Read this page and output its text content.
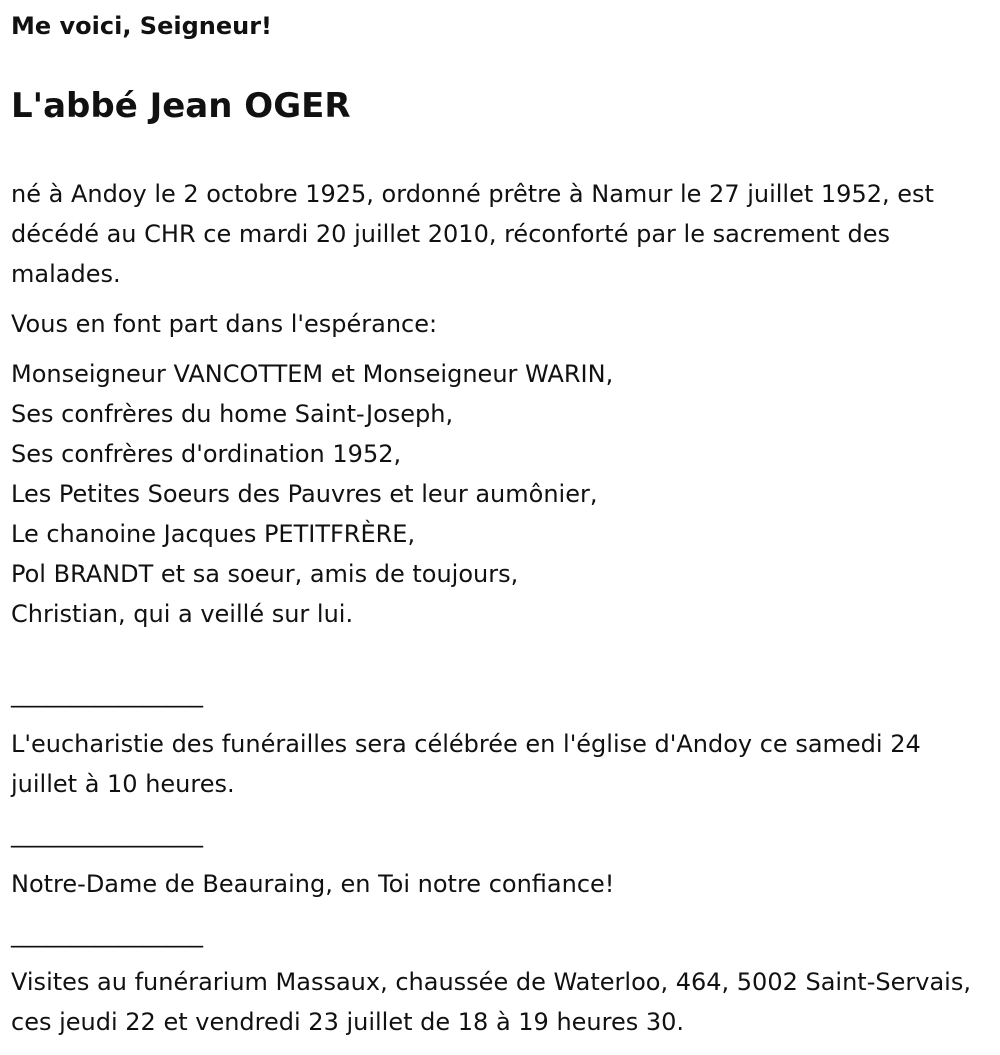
Me voici, Seigneur!
L'abbé Jean OGER

né à Andoy le 2 octobre 1925, ordonné prêtre à Namur le 27 juillet 1952, est décédé au CHR ce mardi 20 juillet 2010, réconforté par le sacrement des malades.

Vous en font part dans l'espérance:

Monseigneur VANCOTTEM et Monseigneur WARIN,
Ses confrères du home Saint-Joseph,
Ses confrères d'ordination 1952,
Les Petites Soeurs des Pauvres et leur aumônier,
Le chanoine Jacques PETITFRÈRE,
Pol BRANDT et sa soeur, amis de toujours,
Christian, qui a veillé sur lui.

________________

L'eucharistie des funérailles sera célébrée en l'église d'Andoy ce samedi 24 juillet à 10 heures.

________________

Notre-Dame de Beauraing, en Toi notre confiance!

________________

Visites au funérarium Massaux, chaussée de Waterloo, 464, 5002 Saint-Servais, ces jeudi 22 et vendredi 23 juillet de 18 à 19 heures 30.
